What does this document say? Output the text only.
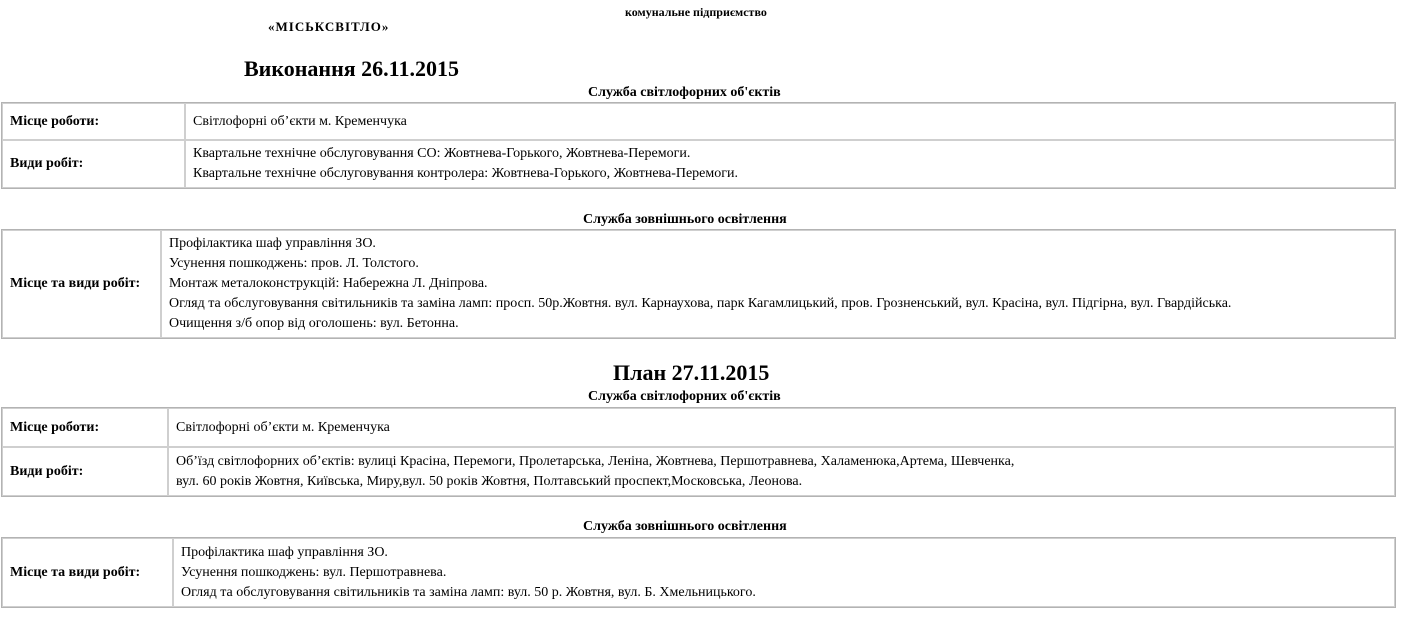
комунальне підприємство
«МІСЬКСВІТЛО»
Виконання 26.11.2015
Служба світлофорних об'єктів
Місце роботи:	Світлофорні об’єкти м. Кременчука
Види робіт:	Квартальне технічне обслуговування СО: Жовтнева-Горького, Жовтнева-Перемоги.
Квартальне технічне обслуговування контролера: Жовтнева-Горького, Жовтнева-Перемоги.
Служба зовнішнього освітлення
Місце та види робіт:	
Профілактика шаф управління ЗО.
Усунення пошкоджень: пров. Л. Толстого.
Монтаж металоконструкцій: Набережна Л. Дніпрова.
Огляд та обслуговування світильників та заміна ламп: просп. 50р.Жовтня. вул. Карнаухова, парк Кагамлицький, пров. Грозненський, вул. Красіна, вул. Підгірна, вул. Гвардійська.
Очищення з/б опор від оголошень: вул. Бетонна.
План 27.11.2015
Служба світлофорних об'єктів
Місце роботи:	Світлофорні об’єкти м. Кременчука
Види робіт:	Об’їзд світлофорних об’єктів: вулиці Красіна, Перемоги, Пролетарська, Леніна, Жовтнева, Першотравнева, Халаменюка,Артема, Шевченка,
вул. 60 років Жовтня, Київська, Миру,вул. 50 років Жовтня, Полтавський проспект,Московська, Леонова.
Служба зовнішнього освітлення
Місце та види робіт:	
Профілактика шаф управління ЗО.
Усунення пошкоджень: вул. Першотравнева.
Огляд та обслуговування світильників та заміна ламп: вул. 50 р. Жовтня, вул. Б. Хмельницького.
